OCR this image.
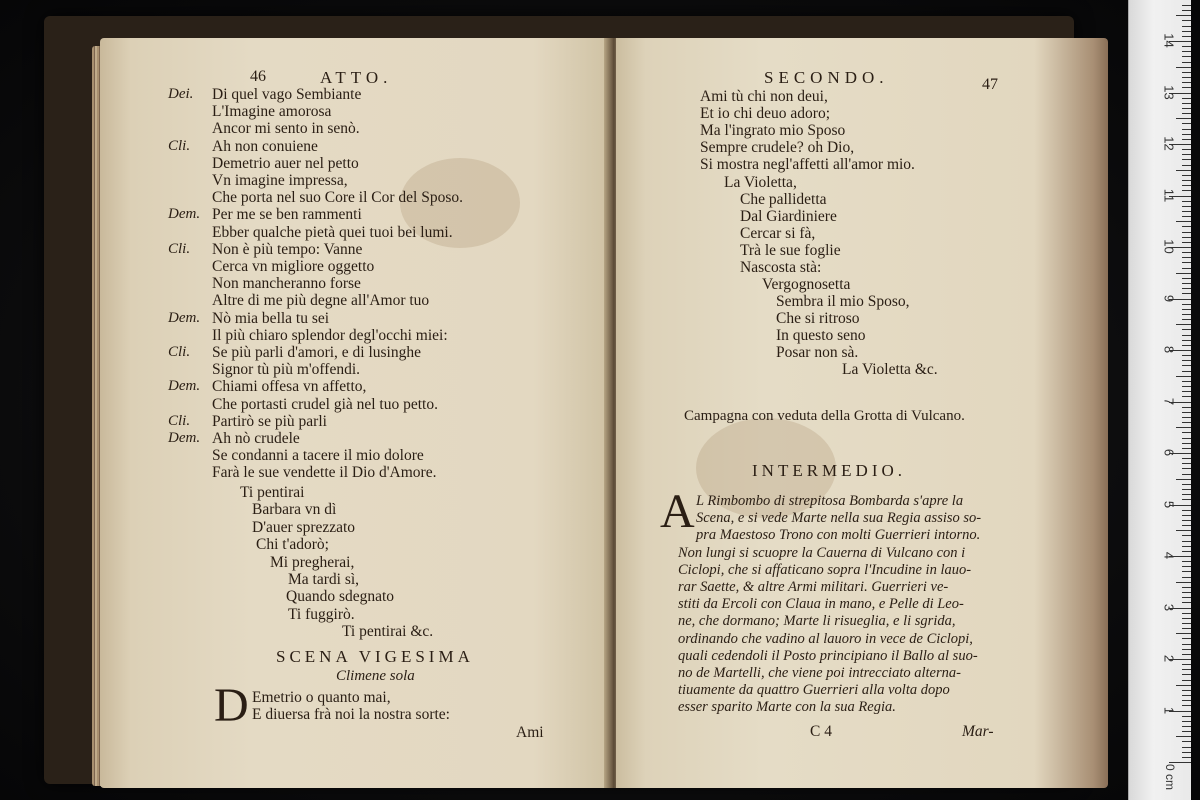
46	ATTO.
Dei. Di quel vago Sembiante
L'Imagine amorosa
Ancor mi sento in senò.
Cli. Ah non conuiene
Demetrio auer nel petto
Vn imagine impressa,
Che porta nel suo Core il Cor del Sposo.
Dem. Per me se ben rammenti
Ebber qualche pietà quei tuoi bei lumi.
Cli. Non è più tempo: Vanne
Cerca vn migliore oggetto
Non mancheranno forse
Altre di me più degne all'Amor tuo
Dem. Nò mia bella tu sei
Il più chiaro splendor degl'occhi miei:
Cli. Se più parli d'amori, e di lusinghe
Signor tù più m'offendi.
Dem. Chiami offesa vn affetto,
Che portasti crudel già nel tuo petto.
Cli. Partirò se più parli
Dem. Ah nò crudele
Se condanni a tacere il mio dolore
Farà le sue vendette il Dio d'Amore.
Ti pentirai
Barbara vn dì
D'auer sprezzato
Chi t'adorò;
Mi pregherai,
Ma tardi sì,
Quando sdegnato
Ti fuggirò.
Ti pentirai &c.
SCENA VIGESIMA
Climene sola
D Emetrio o quanto mai,
E diuersa frà noi la nostra sorte:
Ami
SECONDO.	47
Ami tù chi non deui,
Et io chi deuo adoro;
Ma l'ingrato mio Sposo
Sempre crudele? oh Dio,
Si mostra negl'affetti all'amor mio.
La Violetta,
Che pallidetta
Dal Giardiniere
Cercar si fà,
Trà le sue foglie
Nascosta stà:
Vergognosetta
Sembra il mio Sposo,
Che si ritroso
In questo seno
Posar non sà.
La Violetta &c.
Campagna con veduta della Grotta di Vulcano.
INTERMEDIO.
A L Rimbombo di strepitosa Bombarda s'apre la
Scena, e si vede Marte nella sua Regia assiso so-
pra Maestoso Trono con molti Guerrieri intorno.
Non lungi si scuopre la Cauerna di Vulcano con i
Ciclopi, che si affaticano sopra l'Incudine in lauo-
rar Saette, & altre Armi militari. Guerrieri ve-
stiti da Ercoli con Claua in mano, e Pelle di Leo-
ne, che dormano; Marte li risueglia, e li sgrida,
ordinando che vadino al lauoro in vece de Ciclopi,
quali cedendoli il Posto principiano il Ballo al suo-
no de Martelli, che viene poi intrecciato alterna-
tiuamente da quattro Guerrieri alla volta dopo
esser sparito Marte con la sua Regia.
C 4	Mar-
1
2
3
4
5
6
7
8
9
10
11
12
13
14
0 cm
